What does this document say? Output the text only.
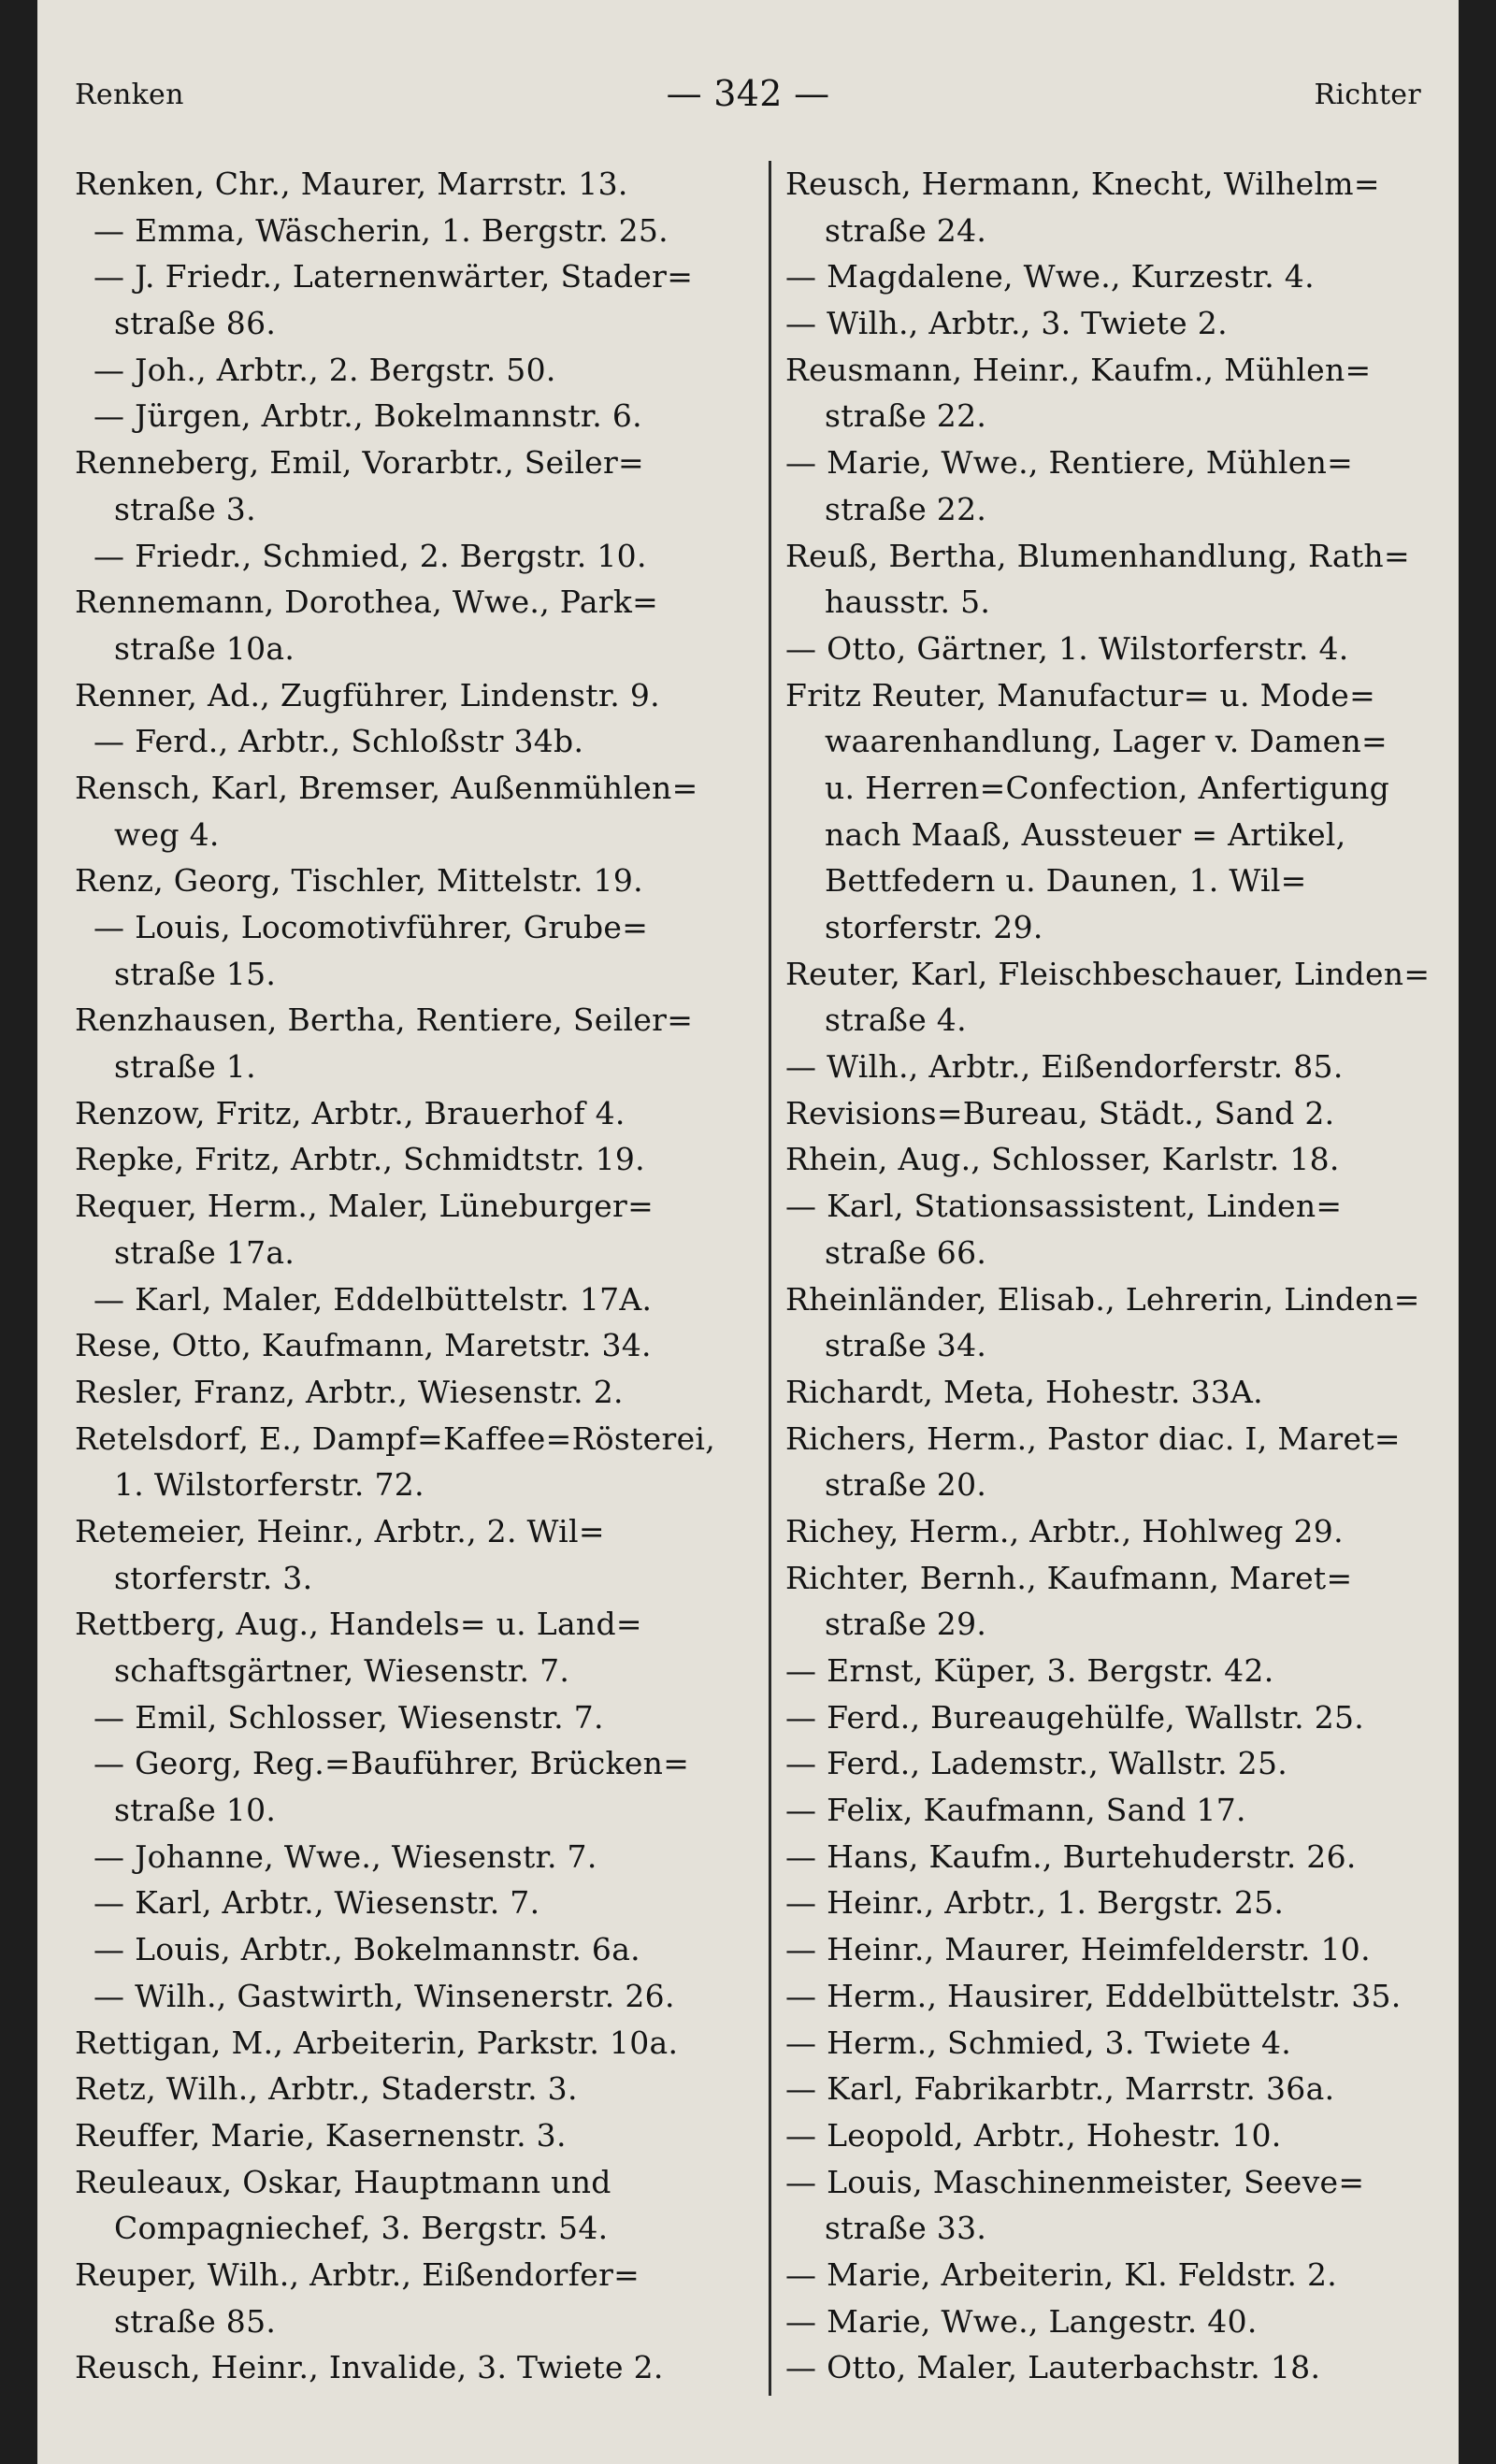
Renken	— 342 —	Richter
Renken, Chr., Maurer, Marrstr. 13.
— Emma, Wäscherin, 1. Bergstr. 25.
— J. Friedr., Laternenwärter, Stader=
straße 86.
— Joh., Arbtr., 2. Bergstr. 50.
— Jürgen, Arbtr., Bokelmannstr. 6.
Renneberg, Emil, Vorarbtr., Seiler=
straße 3.
— Friedr., Schmied, 2. Bergstr. 10.
Rennemann, Dorothea, Wwe., Park=
straße 10a.
Renner, Ad., Zugführer, Lindenstr. 9.
— Ferd., Arbtr., Schloßstr 34b.
Rensch, Karl, Bremser, Außenmühlen=
weg 4.
Renz, Georg, Tischler, Mittelstr. 19.
— Louis, Locomotivführer, Grube=
straße 15.
Renzhausen, Bertha, Rentiere, Seiler=
straße 1.
Renzow, Fritz, Arbtr., Brauerhof 4.
Repke, Fritz, Arbtr., Schmidtstr. 19.
Requer, Herm., Maler, Lüneburger=
straße 17a.
— Karl, Maler, Eddelbüttelstr. 17A.
Rese, Otto, Kaufmann, Maretstr. 34.
Resler, Franz, Arbtr., Wiesenstr. 2.
Retelsdorf, E., Dampf=Kaffee=Rösterei,
1. Wilstorferstr. 72.
Retemeier, Heinr., Arbtr., 2. Wil=
storferstr. 3.
Rettberg, Aug., Handels= u. Land=
schaftsgärtner, Wiesenstr. 7.
— Emil, Schlosser, Wiesenstr. 7.
— Georg, Reg.=Bauführer, Brücken=
straße 10.
— Johanne, Wwe., Wiesenstr. 7.
— Karl, Arbtr., Wiesenstr. 7.
— Louis, Arbtr., Bokelmannstr. 6a.
— Wilh., Gastwirth, Winsenerstr. 26.
Rettigan, M., Arbeiterin, Parkstr. 10a.
Retz, Wilh., Arbtr., Staderstr. 3.
Reuffer, Marie, Kasernenstr. 3.
Reuleaux, Oskar, Hauptmann und
Compagniechef, 3. Bergstr. 54.
Reuper, Wilh., Arbtr., Eißendorfer=
straße 85.
Reusch, Heinr., Invalide, 3. Twiete 2.
Reusch, Hermann, Knecht, Wilhelm=
straße 24.
— Magdalene, Wwe., Kurzestr. 4.
— Wilh., Arbtr., 3. Twiete 2.
Reusmann, Heinr., Kaufm., Mühlen=
straße 22.
— Marie, Wwe., Rentiere, Mühlen=
straße 22.
Reuß, Bertha, Blumenhandlung, Rath=
hausstr. 5.
— Otto, Gärtner, 1. Wilstorferstr. 4.
Fritz Reuter, Manufactur= u. Mode=
waarenhandlung, Lager v. Damen=
u. Herren=Confection, Anfertigung
nach Maaß, Aussteuer = Artikel,
Bettfedern u. Daunen, 1. Wil=
storferstr. 29.
Reuter, Karl, Fleischbeschauer, Linden=
straße 4.
— Wilh., Arbtr., Eißendorferstr. 85.
Revisions=Bureau, Städt., Sand 2.
Rhein, Aug., Schlosser, Karlstr. 18.
— Karl, Stationsassistent, Linden=
straße 66.
Rheinländer, Elisab., Lehrerin, Linden=
straße 34.
Richardt, Meta, Hohestr. 33A.
Richers, Herm., Pastor diac. I, Maret=
straße 20.
Richey, Herm., Arbtr., Hohlweg 29.
Richter, Bernh., Kaufmann, Maret=
straße 29.
— Ernst, Küper, 3. Bergstr. 42.
— Ferd., Bureaugehülfe, Wallstr. 25.
— Ferd., Lademstr., Wallstr. 25.
— Felix, Kaufmann, Sand 17.
— Hans, Kaufm., Burtehuderstr. 26.
— Heinr., Arbtr., 1. Bergstr. 25.
— Heinr., Maurer, Heimfelderstr. 10.
— Herm., Hausirer, Eddelbüttelstr. 35.
— Herm., Schmied, 3. Twiete 4.
— Karl, Fabrikarbtr., Marrstr. 36a.
— Leopold, Arbtr., Hohestr. 10.
— Louis, Maschinenmeister, Seeve=
straße 33.
— Marie, Arbeiterin, Kl. Feldstr. 2.
— Marie, Wwe., Langestr. 40.
— Otto, Maler, Lauterbachstr. 18.
